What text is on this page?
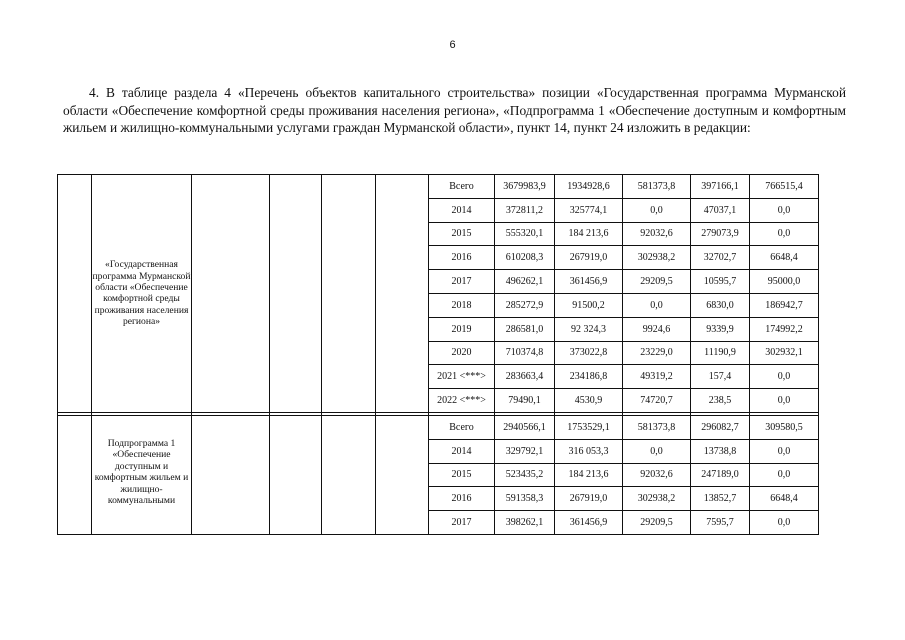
6

4. В таблице раздела 4 «Перечень объектов капитального строительства» позиции «Государственная программа Мурманской области «Обеспечение комфортной среды проживания населения региона», «Подпрограмма 1 «Обеспечение доступным и комфортным жильем и жилищно-коммунальными услугами граждан Мурманской области», пункт 14, пункт 24 изложить в редакции:

	«Государственная программа Мурманской области «Обеспечение комфортной среды проживания населения региона»					Всего	3679983,9	1934928,6	581373,8	397166,1	766515,4
						2014	372811,2	325774,1	0,0	47037,1	0,0
						2015	555320,1	184 213,6	92032,6	279073,9	0,0
						2016	610208,3	267919,0	302938,2	32702,7	6648,4
						2017	496262,1	361456,9	29209,5	10595,7	95000,0
						2018	285272,9	91500,2	0,0	6830,0	186942,7
						2019	286581,0	92 324,3	9924,6	9339,9	174992,2
						2020	710374,8	373022,8	23229,0	11190,9	302932,1
						2021 <***>	283663,4	234186,8	49319,2	157,4	0,0
						2022 <***>	79490,1	4530,9	74720,7	238,5	0,0

	Подпрограмма 1 «Обеспечение доступным и комфортным жильем и жилищно-коммунальными					Всего	2940566,1	1753529,1	581373,8	296082,7	309580,5
						2014	329792,1	316 053,3	0,0	13738,8	0,0
						2015	523435,2	184 213,6	92032,6	247189,0	0,0
						2016	591358,3	267919,0	302938,2	13852,7	6648,4
						2017	398262,1	361456,9	29209,5	7595,7	0,0
